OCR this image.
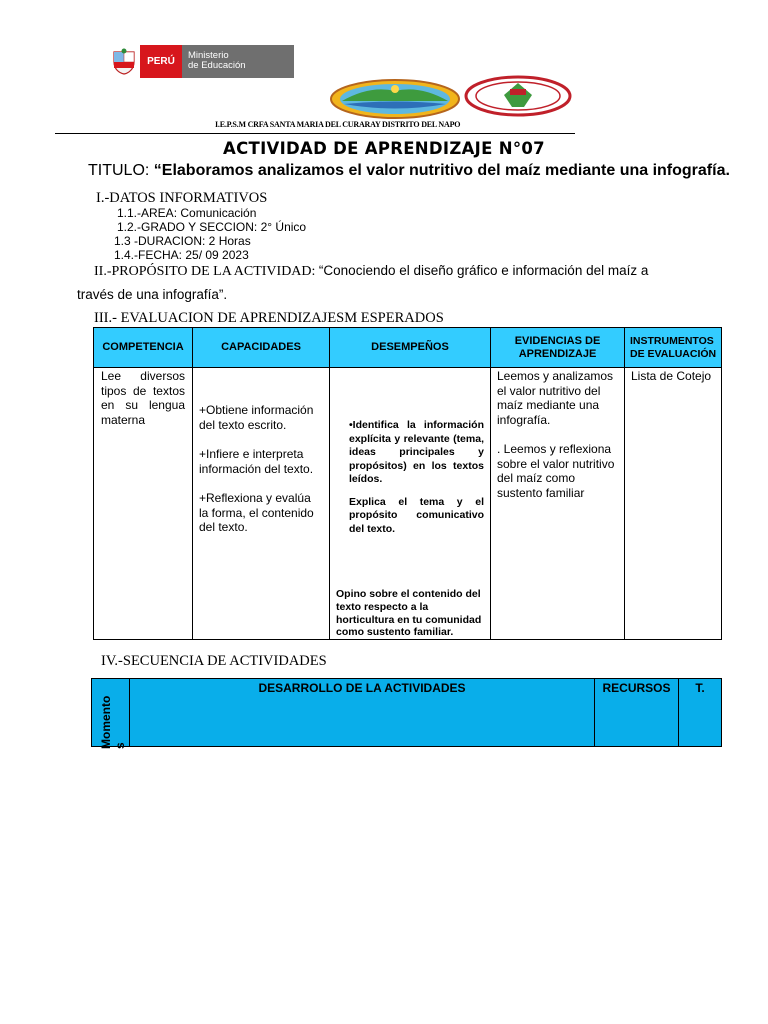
PERÚ
Ministerio
de Educación
I.E.P.S.M CRFA SANTA MARIA DEL CURARAY DISTRITO DEL NAPO
ACTIVIDAD DE APRENDIZAJE N°07
TITULO: “Elaboramos analizamos el valor nutritivo del maíz mediante una infografía.
I.-DATOS INFORMATIVOS
1.1.-AREA: Comunicación
1.2.-GRADO Y SECCION: 2° Único
1.3 -DURACION: 2 Horas
1.4.-FECHA: 25/ 09 2023
II.-PROPÓSITO DE LA ACTIVIDAD: “Conociendo el diseño gráfico e información del maíz a
través de una infografía”.
III.- EVALUACION DE APRENDIZAJESM ESPERADOS
COMPETENCIA
Lee diversos tipos de textos en su lengua materna
CAPACIDADES
+Obtiene información del texto escrito.
+Infiere e interpreta información del texto.
+Reflexiona y evalúa la forma, el contenido del texto.
DESEMPEÑOS
•Identifica la información explícita y relevante (tema, ideas principales y propósitos) en los textos leídos.
Explica el tema y el propósito comunicativo del texto.
Opino sobre el contenido del texto respecto a la horticultura en tu comunidad como sustento familiar.
EVIDENCIAS DE APRENDIZAJE
Leemos y analizamos el valor nutritivo del maíz mediante una infografía.
. Leemos y reflexiona sobre el valor nutritivo del maíz como sustento familiar
INSTRUMENTOS DE EVALUACIÓN
Lista de Cotejo
IV.-SECUENCIA DE ACTIVIDADES
Momento s
DESARROLLO DE LA ACTIVIDADES	RECURSOS	T.
